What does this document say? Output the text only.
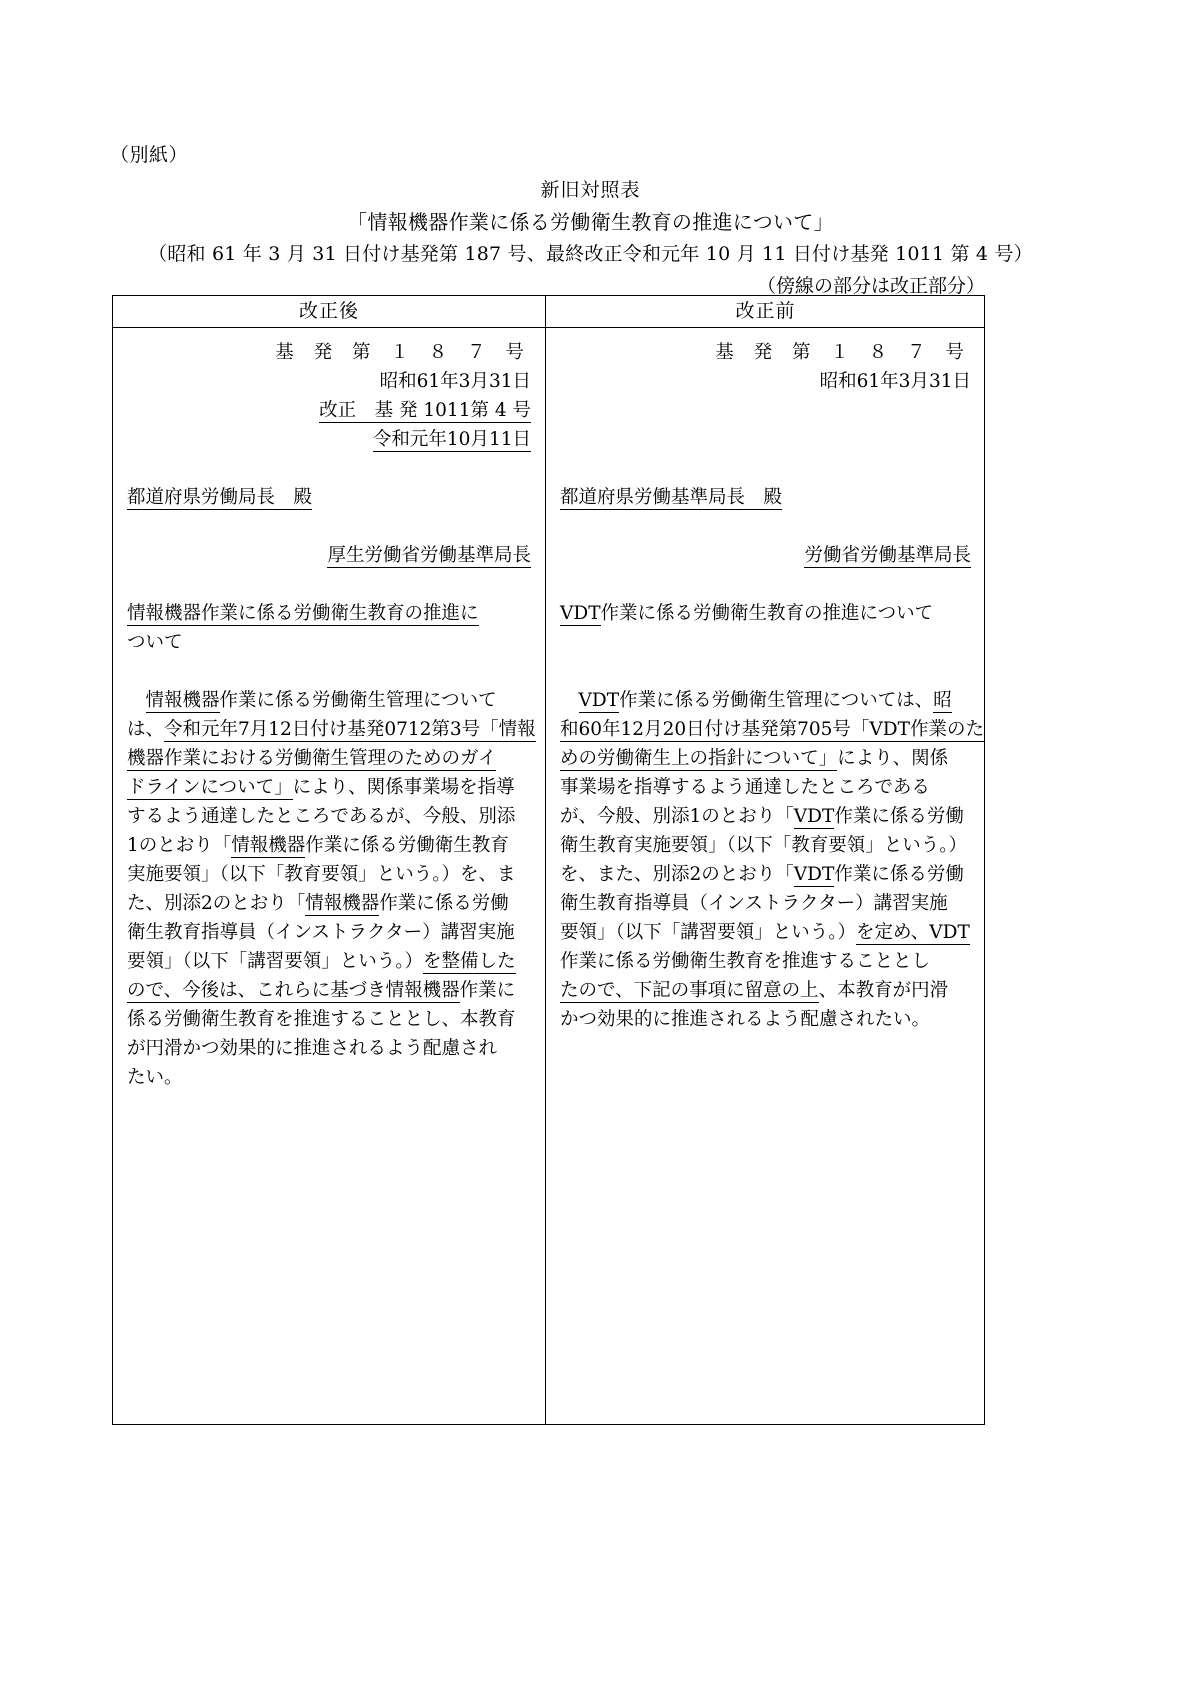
（別紙）
新旧対照表
「情報機器作業に係る労働衛生教育の推進について」
（昭和 61 年 3 月 31 日付け基発第 187 号、最終改正令和元年 10 月 11 日付け基発 1011 第 4 号）
（傍線の部分は改正部分）
改正後	改正前
基 発 第 １ ８ ７ 号
昭和61年3月31日
改正　基 発 1011第 4 号
令和元年10月11日

都道府県労働局長　殿

厚生労働省労働基準局長

情報機器作業に係る労働衛生教育の推進に
ついて

　情報機器作業に係る労働衛生管理について
は、令和元年7月12日付け基発0712第3号「情報
機器作業における労働衛生管理のためのガイ
ドラインについて」により、関係事業場を指導
するよう通達したところであるが、今般、別添
1のとおり「情報機器作業に係る労働衛生教育
実施要領」（以下「教育要領」という。）を、ま
た、別添2のとおり「情報機器作業に係る労働
衛生教育指導員（インストラクター）講習実施
要領」（以下「講習要領」という。）を整備した
ので、今後は、これらに基づき情報機器作業に
係る労働衛生教育を推進することとし、本教育
が円滑かつ効果的に推進されるよう配慮され
たい。
基 発 第 １ ８ ７ 号
昭和61年3月31日

都道府県労働基準局長　殿

労働省労働基準局長

VDT作業に係る労働衛生教育の推進について

　VDT作業に係る労働衛生管理については、昭
和60年12月20日付け基発第705号「VDT作業のた
めの労働衛生上の指針について」により、関係
事業場を指導するよう通達したところである
が、今般、別添1のとおり「VDT作業に係る労働
衛生教育実施要領」（以下「教育要領」という。）
を、また、別添2のとおり「VDT作業に係る労働
衛生教育指導員（インストラクター）講習実施
要領」（以下「講習要領」という。）を定め、VDT
作業に係る労働衛生教育を推進することとし
たので、下記の事項に留意の上、本教育が円滑
かつ効果的に推進されるよう配慮されたい。
